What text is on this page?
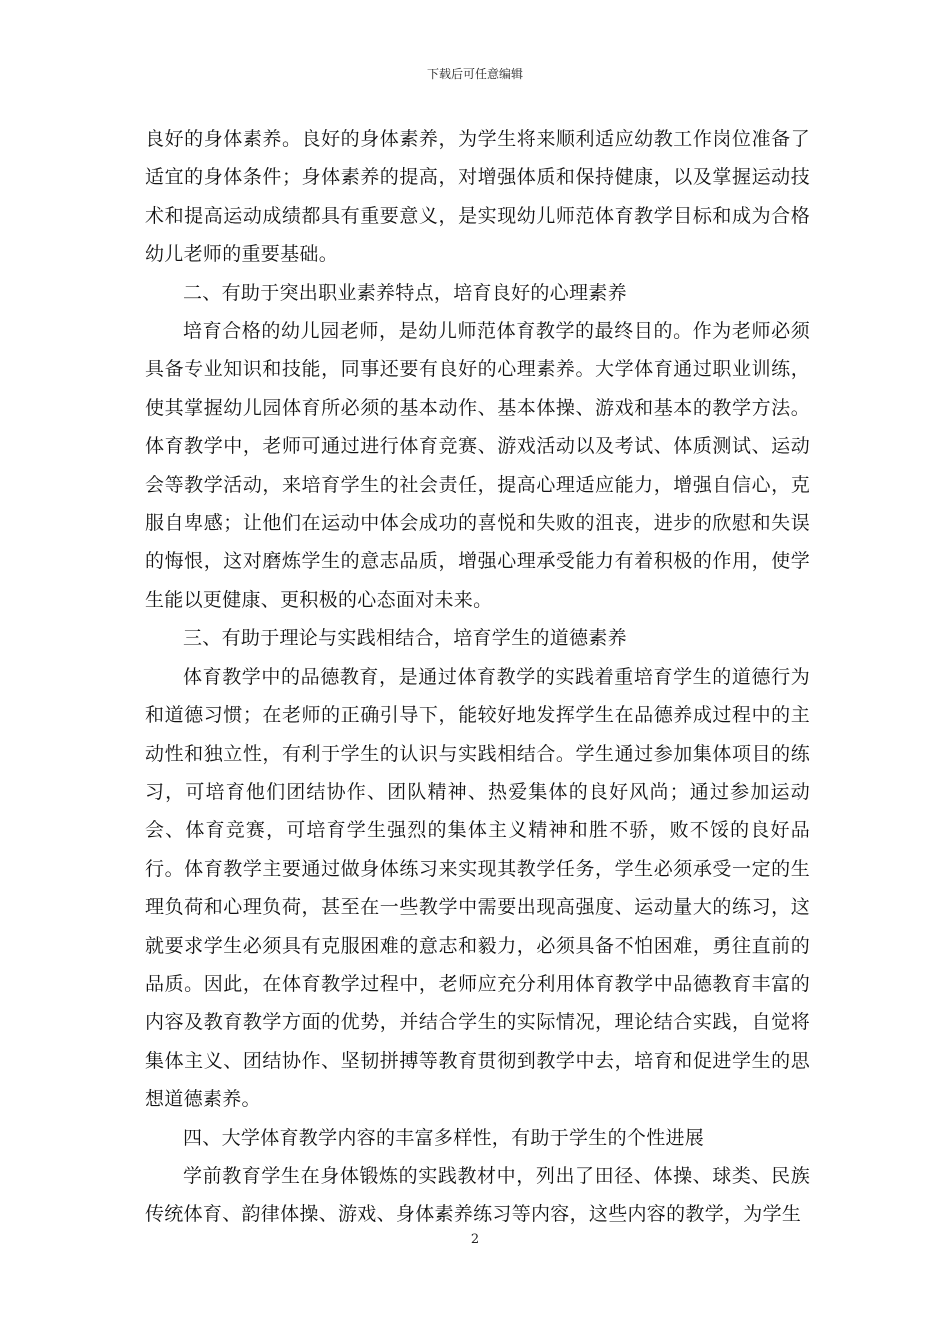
下载后可任意编辑

良好的身体素养。良好的身体素养，为学生将来顺利适应幼教工作岗位准备了适宜的身体条件；身体素养的提高，对增强体质和保持健康，以及掌握运动技术和提高运动成绩都具有重要意义，是实现幼儿师范体育教学目标和成为合格幼儿老师的重要基础。

二、有助于突出职业素养特点，培育良好的心理素养

培育合格的幼儿园老师，是幼儿师范体育教学的最终目的。作为老师必须具备专业知识和技能，同事还要有良好的心理素养。大学体育通过职业训练，使其掌握幼儿园体育所必须的基本动作、基本体操、游戏和基本的教学方法。体育教学中，老师可通过进行体育竞赛、游戏活动以及考试、体质测试、运动会等教学活动，来培育学生的社会责任，提高心理适应能力，增强自信心，克服自卑感；让他们在运动中体会成功的喜悦和失败的沮丧，进步的欣慰和失误的悔恨，这对磨炼学生的意志品质，增强心理承受能力有着积极的作用，使学生能以更健康、更积极的心态面对未来。

三、有助于理论与实践相结合，培育学生的道德素养

体育教学中的品德教育，是通过体育教学的实践着重培育学生的道德行为和道德习惯；在老师的正确引导下，能较好地发挥学生在品德养成过程中的主动性和独立性，有利于学生的认识与实践相结合。学生通过参加集体项目的练习，可培育他们团结协作、团队精神、热爱集体的良好风尚；通过参加运动会、体育竞赛，可培育学生强烈的集体主义精神和胜不骄，败不馁的良好品行。体育教学主要通过做身体练习来实现其教学任务，学生必须承受一定的生理负荷和心理负荷，甚至在一些教学中需要出现高强度、运动量大的练习，这就要求学生必须具有克服困难的意志和毅力，必须具备不怕困难，勇往直前的品质。因此，在体育教学过程中，老师应充分利用体育教学中品德教育丰富的内容及教育教学方面的优势，并结合学生的实际情况，理论结合实践，自觉将集体主义、团结协作、坚韧拼搏等教育贯彻到教学中去，培育和促进学生的思想道德素养。

四、大学体育教学内容的丰富多样性，有助于学生的个性进展

学前教育学生在身体锻炼的实践教材中，列出了田径、体操、球类、民族传统体育、韵律体操、游戏、身体素养练习等内容，这些内容的教学，为学生

2
